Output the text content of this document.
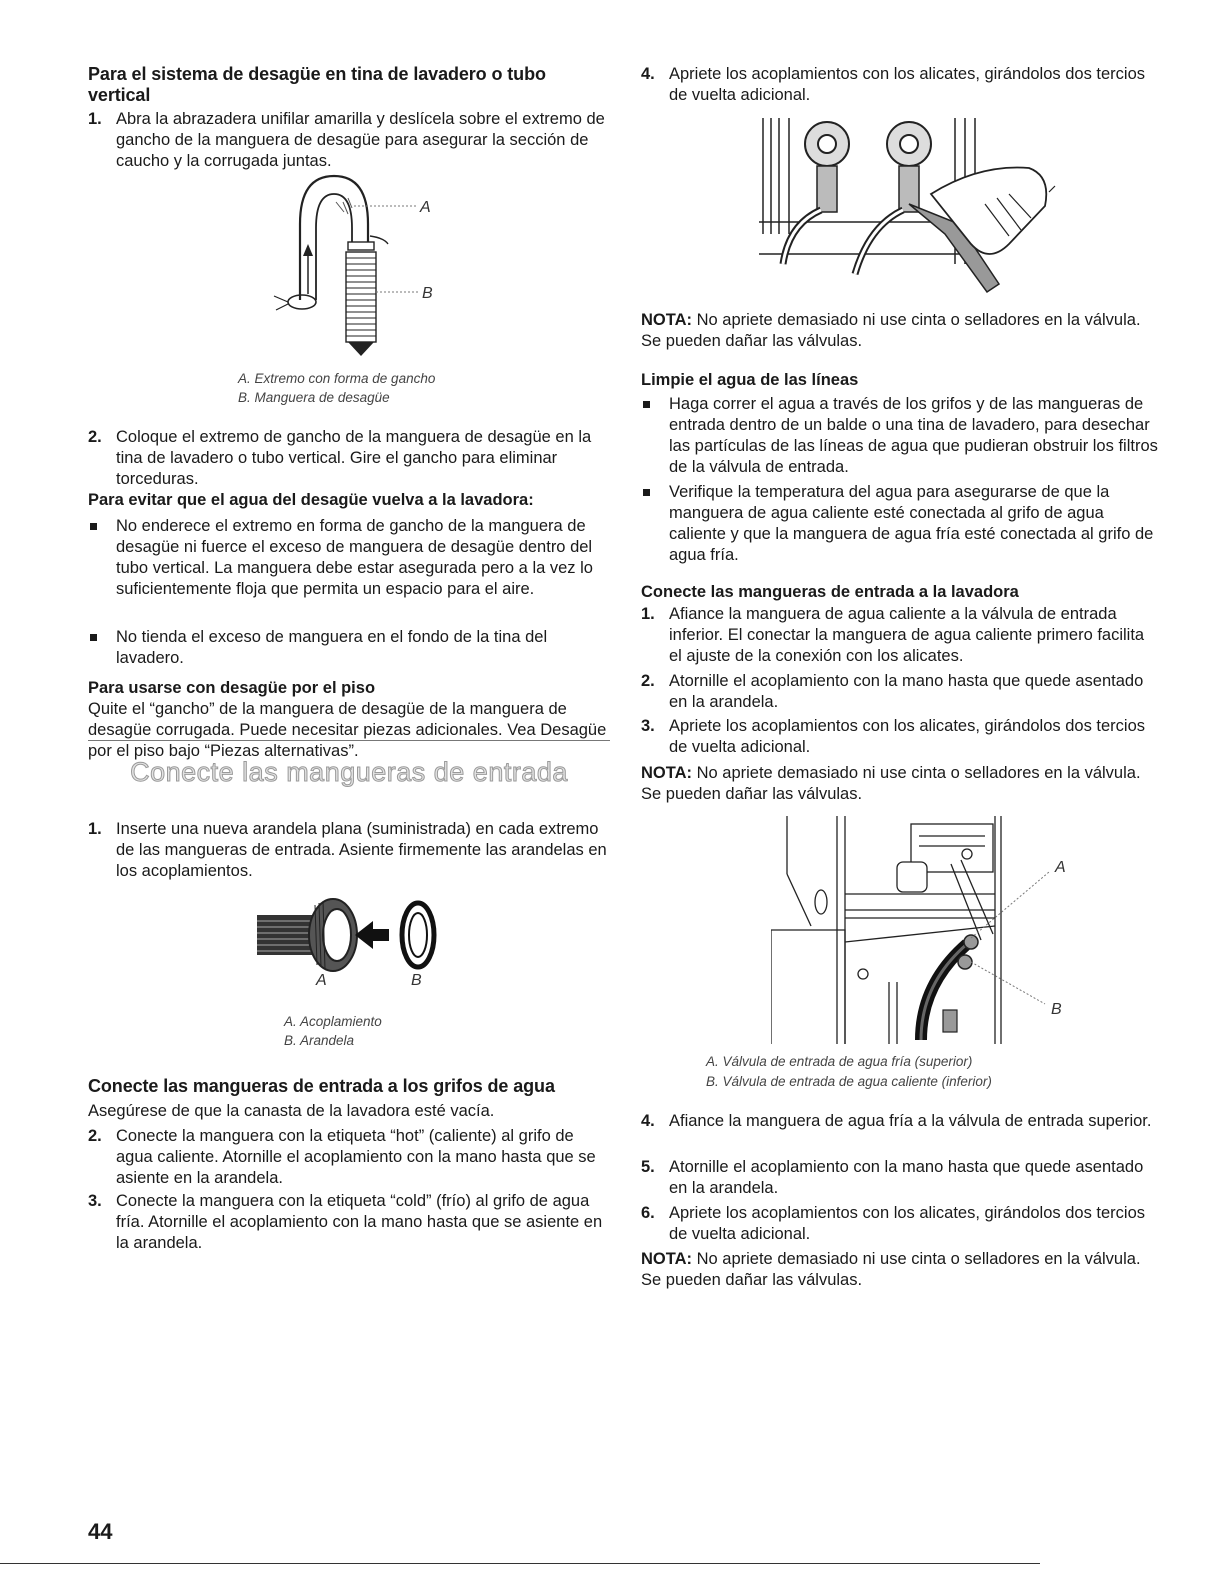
Para el sistema de desagüe en tina de lavadero o tubo vertical
1. Abra la abrazadera unifilar amarilla y deslícela sobre el extremo de gancho de la manguera de desagüe para asegurar la sección de caucho y la corrugada juntas.
A
B
A. Extremo con forma de gancho
B. Manguera de desagüe
2. Coloque el extremo de gancho de la manguera de desagüe en la tina de lavadero o tubo vertical. Gire el gancho para eliminar torceduras.
Para evitar que el agua del desagüe vuelva a la lavadora:
No enderece el extremo en forma de gancho de la manguera de desagüe ni fuerce el exceso de manguera de desagüe dentro del tubo vertical. La manguera debe estar asegurada pero a la vez lo suficientemente floja que permita un espacio para el aire.
No tienda el exceso de manguera en el fondo de la tina del lavadero.
Para usarse con desagüe por el piso

Quite el “gancho” de la manguera de desagüe de la manguera de desagüe corrugada. Puede necesitar piezas adicionales. Vea Desagüe por el piso bajo “Piezas alternativas”.

Conecte las mangueras de entrada
1. Inserte una nueva arandela plana (suministrada) en cada extremo de las mangueras de entrada. Asiente firmemente las arandelas en los acoplamientos.
A	B
A. Acoplamiento
B. Arandela
Conecte las mangueras de entrada a los grifos de agua

Asegúrese de que la canasta de la lavadora esté vacía.

2. Conecte la manguera con la etiqueta “hot” (caliente) al grifo de agua caliente. Atornille el acoplamiento con la mano hasta que se asiente en la arandela.
3. Conecte la manguera con la etiqueta “cold” (frío) al grifo de agua fría. Atornille el acoplamiento con la mano hasta que se asiente en la arandela.
4. Apriete los acoplamientos con los alicates, girándolos dos tercios de vuelta adicional.

NOTA: No apriete demasiado ni use cinta o selladores en la válvula. Se pueden dañar las válvulas.

Limpie el agua de las líneas
Haga correr el agua a través de los grifos y de las mangueras de entrada dentro de un balde o una tina de lavadero, para desechar las partículas de las líneas de agua que pudieran obstruir los filtros de la válvula de entrada.
Verifique la temperatura del agua para asegurarse de que la manguera de agua caliente esté conectada al grifo de agua caliente y que la manguera de agua fría esté conectada al grifo de agua fría.
Conecte las mangueras de entrada a la lavadora
1. Afiance la manguera de agua caliente a la válvula de entrada inferior. El conectar la manguera de agua caliente primero facilita el ajuste de la conexión con los alicates.
2. Atornille el acoplamiento con la mano hasta que quede asentado en la arandela.
3. Apriete los acoplamientos con los alicates, girándolos dos tercios de vuelta adicional.

NOTA: No apriete demasiado ni use cinta o selladores en la válvula. Se pueden dañar las válvulas.

A
B
A. Válvula de entrada de agua fría (superior)
B. Válvula de entrada de agua caliente (inferior)
4. Afiance la manguera de agua fría a la válvula de entrada superior.
5. Atornille el acoplamiento con la mano hasta que quede asentado en la arandela.
6. Apriete los acoplamientos con los alicates, girándolos dos tercios de vuelta adicional.

NOTA: No apriete demasiado ni use cinta o selladores en la válvula. Se pueden dañar las válvulas.

44
